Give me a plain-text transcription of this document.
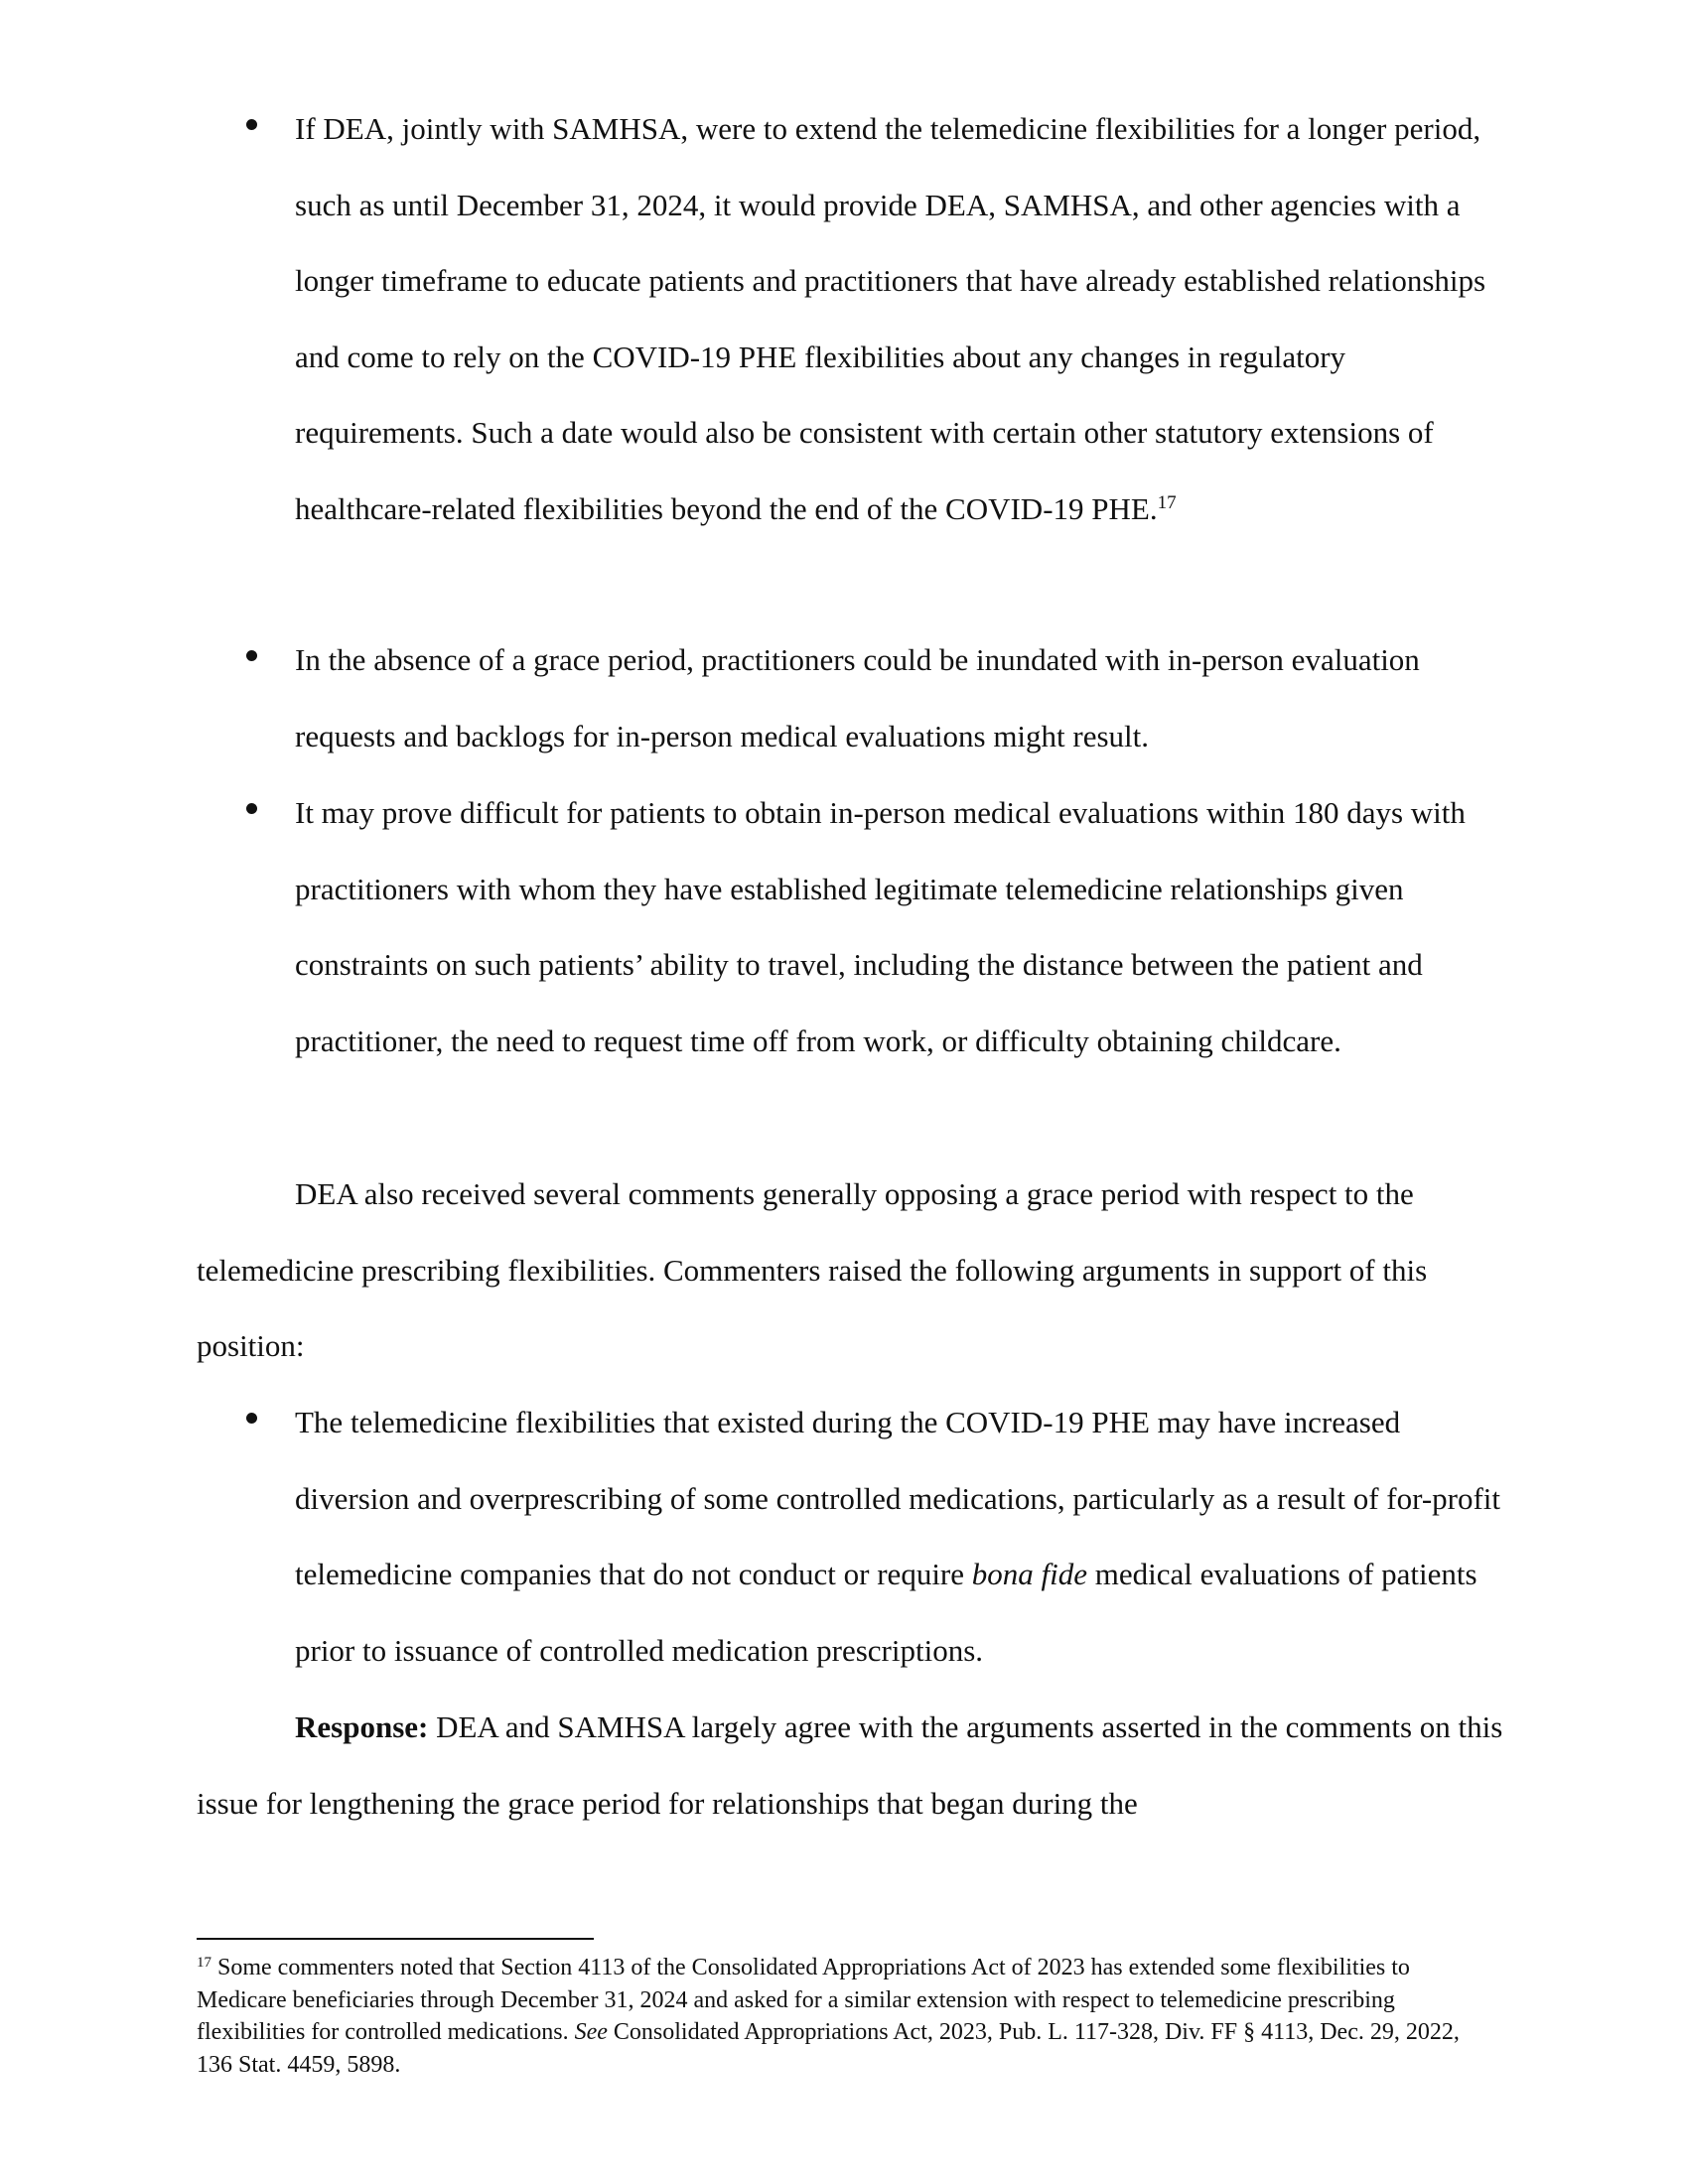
If DEA, jointly with SAMHSA, were to extend the telemedicine flexibilities for a longer period, such as until December 31, 2024, it would provide DEA, SAMHSA, and other agencies with a longer timeframe to educate patients and practitioners that have already established relationships and come to rely on the COVID-19 PHE flexibilities about any changes in regulatory requirements. Such a date would also be consistent with certain other statutory extensions of healthcare-related flexibilities beyond the end of the COVID-19 PHE.$^{17}$

In the absence of a grace period, practitioners could be inundated with in-person evaluation requests and backlogs for in-person medical evaluations might result.

It may prove difficult for patients to obtain in-person medical evaluations within 180 days with practitioners with whom they have established legitimate telemedicine relationships given constraints on such patients’ ability to travel, including the distance between the patient and practitioner, the need to request time off from work, or difficulty obtaining childcare.

DEA also received several comments generally opposing a grace period with respect to the telemedicine prescribing flexibilities. Commenters raised the following arguments in support of this position:

The telemedicine flexibilities that existed during the COVID-19 PHE may have increased diversion and overprescribing of some controlled medications, particularly as a result of for-profit telemedicine companies that do not conduct or require bona fide medical evaluations of patients prior to issuance of controlled medication prescriptions.

Response: DEA and SAMHSA largely agree with the arguments asserted in the comments on this issue for lengthening the grace period for relationships that began during the

$^{17}$ Some commenters noted that Section 4113 of the Consolidated Appropriations Act of 2023 has extended some flexibilities to Medicare beneficiaries through December 31, 2024 and asked for a similar extension with respect to telemedicine prescribing flexibilities for controlled medications. See Consolidated Appropriations Act, 2023, Pub. L. 117-328, Div. FF § 4113, Dec. 29, 2022, 136 Stat. 4459, 5898.
